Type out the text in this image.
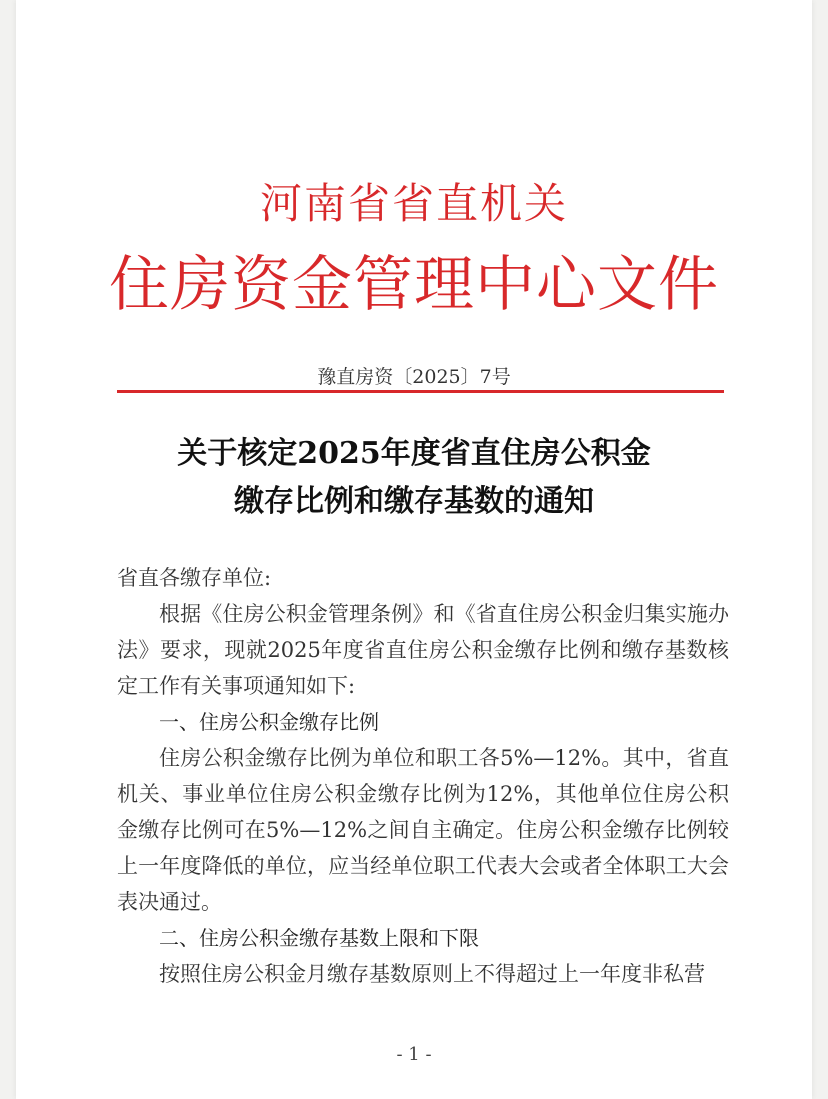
河南省省直机关
住房资金管理中心文件
豫直房资〔2025〕7号
关于核定2025年度省直住房公积金
缴存比例和缴存基数的通知

省直各缴存单位:

根据《住房公积金管理条例》和《省直住房公积金归集实施办法》要求，现就2025年度省直住房公积金缴存比例和缴存基数核定工作有关事项通知如下:

一、住房公积金缴存比例

住房公积金缴存比例为单位和职工各5%—12%。其中，省直机关、事业单位住房公积金缴存比例为12%，其他单位住房公积金缴存比例可在5%—12%之间自主确定。住房公积金缴存比例较上一年度降低的单位，应当经单位职工代表大会或者全体职工大会表决通过。

二、住房公积金缴存基数上限和下限

按照住房公积金月缴存基数原则上不得超过上一年度非私营

- 1 -
